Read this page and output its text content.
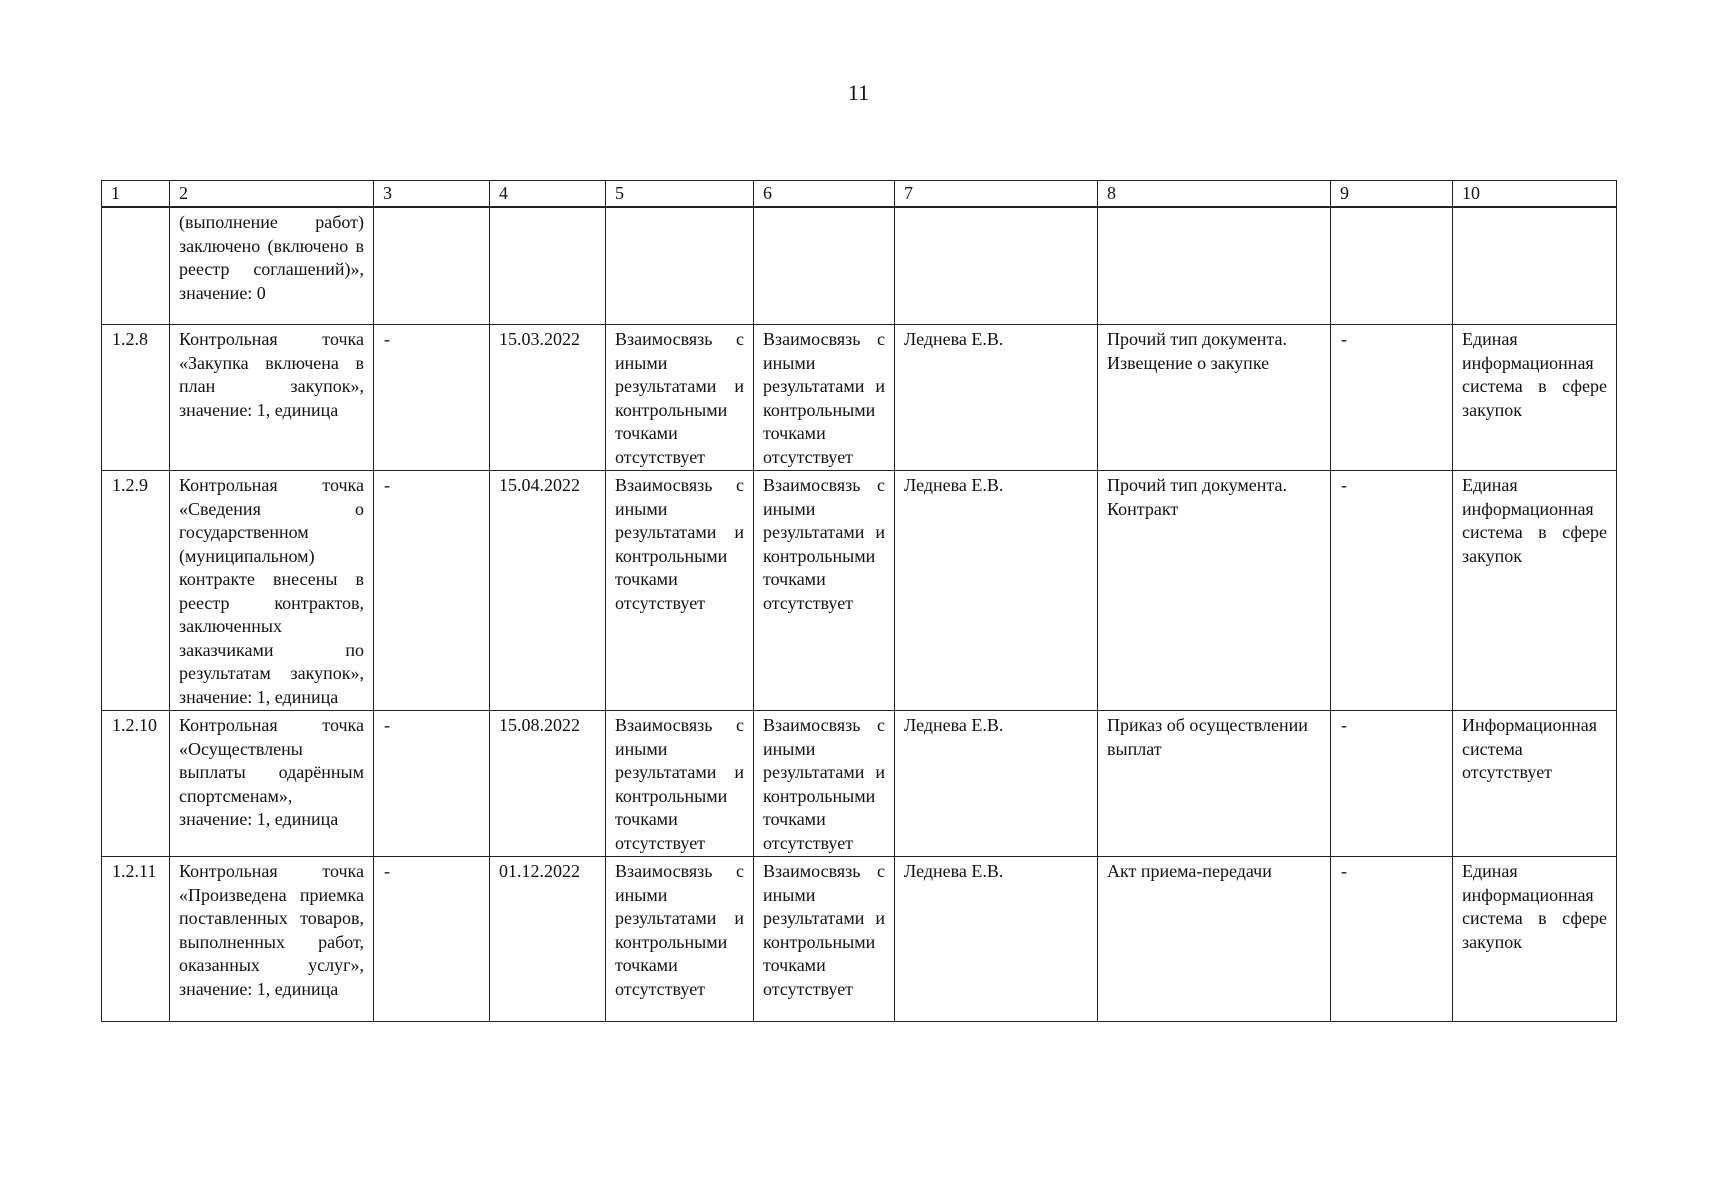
11
1	2	3	4	5	6	7	8	9	10
	(выполнение работ) заключено (включено в реестр соглашений)», значение: 0								
1.2.8	Контрольная точка «Закупка включена в план закупок», значение: 1, единица	-	15.03.2022	Взаимосвязь с иными результатами и контрольными точками отсутствует	Взаимосвязь с иными результатами и контрольными точками отсутствует	Леднева Е.В.	Прочий тип документа. Извещение о закупке	-	Единая информационная система в сфере закупок
1.2.9	Контрольная точка «Сведения о государственном (муниципальном) контракте внесены в реестр контрактов, заключенных заказчиками по результатам закупок», значение: 1, единица	-	15.04.2022	Взаимосвязь с иными результатами и контрольными точками отсутствует	Взаимосвязь с иными результатами и контрольными точками отсутствует	Леднева Е.В.	Прочий тип документа. Контракт	-	Единая информационная система в сфере закупок
1.2.10	Контрольная точка «Осуществлены выплаты одарённым спортсменам», значение: 1, единица	-	15.08.2022	Взаимосвязь с иными результатами и контрольными точками отсутствует	Взаимосвязь с иными результатами и контрольными точками отсутствует	Леднева Е.В.	Приказ об осуществлении выплат	-	Информационная система отсутствует
1.2.11	Контрольная точка «Произведена приемка поставленных товаров, выполненных работ, оказанных услуг», значение: 1, единица	-	01.12.2022	Взаимосвязь с иными результатами и контрольными точками отсутствует	Взаимосвязь с иными результатами и контрольными точками отсутствует	Леднева Е.В.	Акт приема-передачи	-	Единая информационная система в сфере закупок
